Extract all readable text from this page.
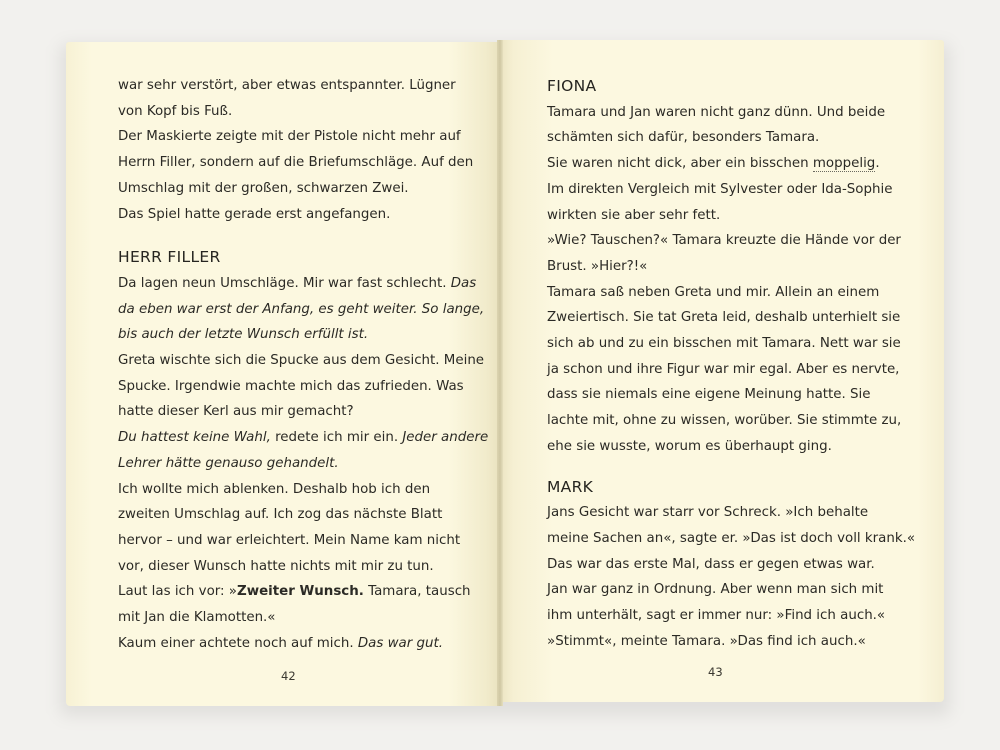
war sehr verstört, aber etwas entspannter. Lügner

von Kopf bis Fuß.

Der Maskierte zeigte mit der Pistole nicht mehr auf

Herrn Filler, sondern auf die Briefumschläge. Auf den

Umschlag mit der großen, schwarzen Zwei.

Das Spiel hatte gerade erst angefangen.

HERR FILLER

Da lagen neun Umschläge. Mir war fast schlecht. Das

da eben war erst der Anfang, es geht weiter. So lange,

bis auch der letzte Wunsch erfüllt ist.

Greta wischte sich die Spucke aus dem Gesicht. Meine

Spucke. Irgendwie machte mich das zufrieden. Was

hatte dieser Kerl aus mir gemacht?

Du hattest keine Wahl, redete ich mir ein. Jeder andere

Lehrer hätte genauso gehandelt.

Ich wollte mich ablenken. Deshalb hob ich den

zweiten Umschlag auf. Ich zog das nächste Blatt

hervor – und war erleichtert. Mein Name kam nicht

vor, dieser Wunsch hatte nichts mit mir zu tun.

Laut las ich vor: »Zweiter Wunsch. Tamara, tausch

mit Jan die Klamotten.«

Kaum einer achtete noch auf mich. Das war gut.

FIONA

Tamara und Jan waren nicht ganz dünn. Und beide

schämten sich dafür, besonders Tamara.

Sie waren nicht dick, aber ein bisschen moppelig.

Im direkten Vergleich mit Sylvester oder Ida-Sophie

wirkten sie aber sehr fett.

»Wie? Tauschen?« Tamara kreuzte die Hände vor der

Brust. »Hier?!«

Tamara saß neben Greta und mir. Allein an einem

Zweiertisch. Sie tat Greta leid, deshalb unterhielt sie

sich ab und zu ein bisschen mit Tamara. Nett war sie

ja schon und ihre Figur war mir egal. Aber es nervte,

dass sie niemals eine eigene Meinung hatte. Sie

lachte mit, ohne zu wissen, worüber. Sie stimmte zu,

ehe sie wusste, worum es überhaupt ging.

MARK

Jans Gesicht war starr vor Schreck. »Ich behalte

meine Sachen an«, sagte er. »Das ist doch voll krank.«

Das war das erste Mal, dass er gegen etwas war.

Jan war ganz in Ordnung. Aber wenn man sich mit

ihm unterhält, sagt er immer nur: »Find ich auch.«

»Stimmt«, meinte Tamara. »Das find ich auch.«

42	43
